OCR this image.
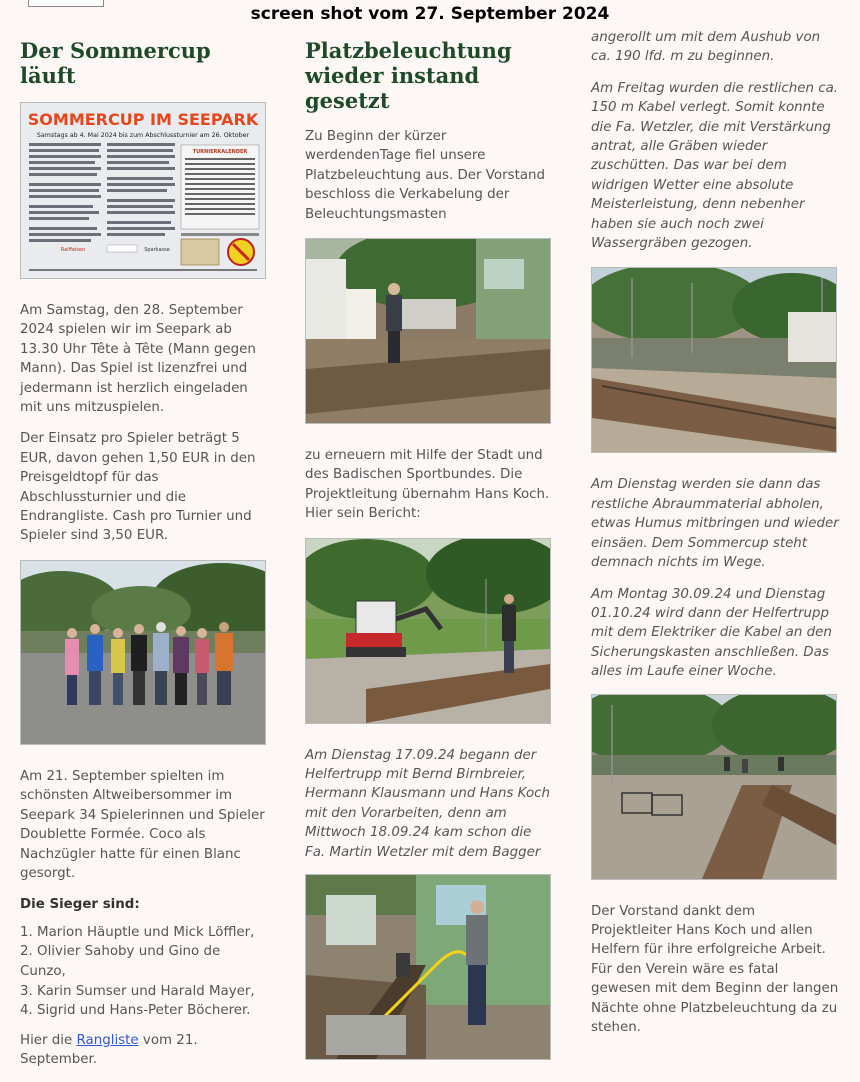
screen shot vom 27. September 2024
Der Sommercup läuft
SOMMERCUP IM SEEPARK
Samstags ab 4. Mai 2024 bis zum Abschlussturnier am 26. Oktober
TURNIERKALENDER
Sparkasse
Raiffeisen

Am Samstag, den 28. September 2024 spielen wir im Seepark ab 13.30 Uhr Tête à Tête (Mann gegen Mann). Das Spiel ist lizenzfrei und jedermann ist herzlich eingeladen mit uns mitzuspielen.

Der Einsatz pro Spieler beträgt 5 EUR, davon gehen 1,50 EUR in den Preisgeldtopf für das Abschlussturnier und die Endrangliste. Cash pro Turnier und Spieler sind 3,50 EUR.

Am 21. September spielten im schönsten Altweibersommer im Seepark 34 Spielerinnen und Spieler Doublette Formée. Coco als Nachzügler hatte für einen Blanc gesorgt.

Die Sieger sind:

1. Marion Häuptle und Mick Löffler,
2. Olivier Sahoby und Gino de Cunzo,
3. Karin Sumser und Harald Mayer,
4. Sigrid und Hans-Peter Böcherer.

Hier die Rangliste vom 21. September.

Platzbeleuchtung wieder instand gesetzt

Zu Beginn der kürzer werdendenTage fiel unsere Platzbeleuchtung aus. Der Vorstand beschloss die Verkabelung der Beleuchtungsmasten

zu erneuern mit Hilfe der Stadt und des Badischen Sportbundes. Die Projektleitung übernahm Hans Koch. Hier sein Bericht:

Am Dienstag 17.09.24 begann der Helfertrupp mit Bernd Birnbreier, Hermann Klausmann und Hans Koch mit den Vorarbeiten, denn am Mittwoch 18.09.24 kam schon die Fa. Martin Wetzler mit dem Bagger

angerollt um mit dem Aushub von ca. 190 lfd. m zu beginnen.

Am Freitag wurden die restlichen ca. 150 m Kabel verlegt. Somit konnte die Fa. Wetzler, die mit Verstärkung antrat, alle Gräben wieder zuschütten. Das war bei dem widrigen Wetter eine absolute Meisterleistung, denn nebenher haben sie auch noch zwei Wassergräben gezogen.

Am Dienstag werden sie dann das restliche Abraummaterial abholen, etwas Humus mitbringen und wieder einsäen. Dem Sommercup steht demnach nichts im Wege.

Am Montag 30.09.24 und Dienstag 01.10.24 wird dann der Helfertrupp mit dem Elektriker die Kabel an den Sicherungskasten anschließen. Das alles im Laufe einer Woche.

Der Vorstand dankt dem Projektleiter Hans Koch und allen Helfern für ihre erfolgreiche Arbeit. Für den Verein wäre es fatal gewesen mit dem Beginn der langen Nächte ohne Platzbeleuchtung da zu stehen.
